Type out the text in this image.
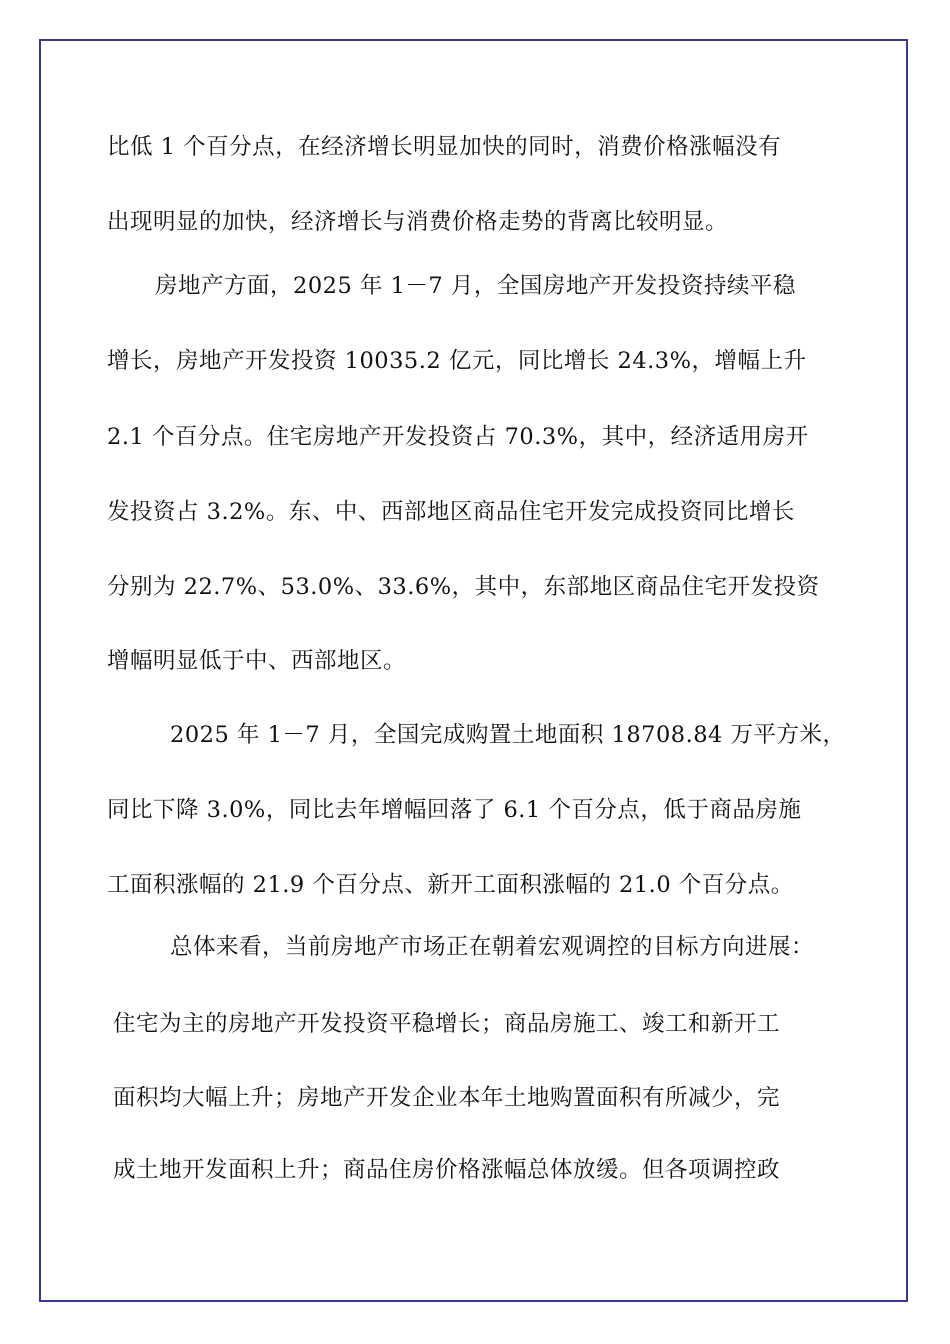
比低 1 个百分点，在经济增长明显加快的同时，消费价格涨幅没有
出现明显的加快，经济增长与消费价格走势的背离比较明显。
房地产方面，2025 年 1－7 月，全国房地产开发投资持续平稳
增长，房地产开发投资 10035.2 亿元，同比增长 24.3%，增幅上升
2.1 个百分点。住宅房地产开发投资占 70.3%，其中，经济适用房开
发投资占 3.2%。东、中、西部地区商品住宅开发完成投资同比增长
分别为 22.7%、53.0%、33.6%，其中，东部地区商品住宅开发投资
增幅明显低于中、西部地区。
2025 年 1－7 月，全国完成购置土地面积 18708.84 万平方米，
同比下降 3.0%，同比去年增幅回落了 6.1 个百分点，低于商品房施
工面积涨幅的 21.9 个百分点、新开工面积涨幅的 21.0 个百分点。
总体来看，当前房地产市场正在朝着宏观调控的目标方向进展：
住宅为主的房地产开发投资平稳增长；商品房施工、竣工和新开工
面积均大幅上升；房地产开发企业本年土地购置面积有所减少，完
成土地开发面积上升；商品住房价格涨幅总体放缓。但各项调控政
